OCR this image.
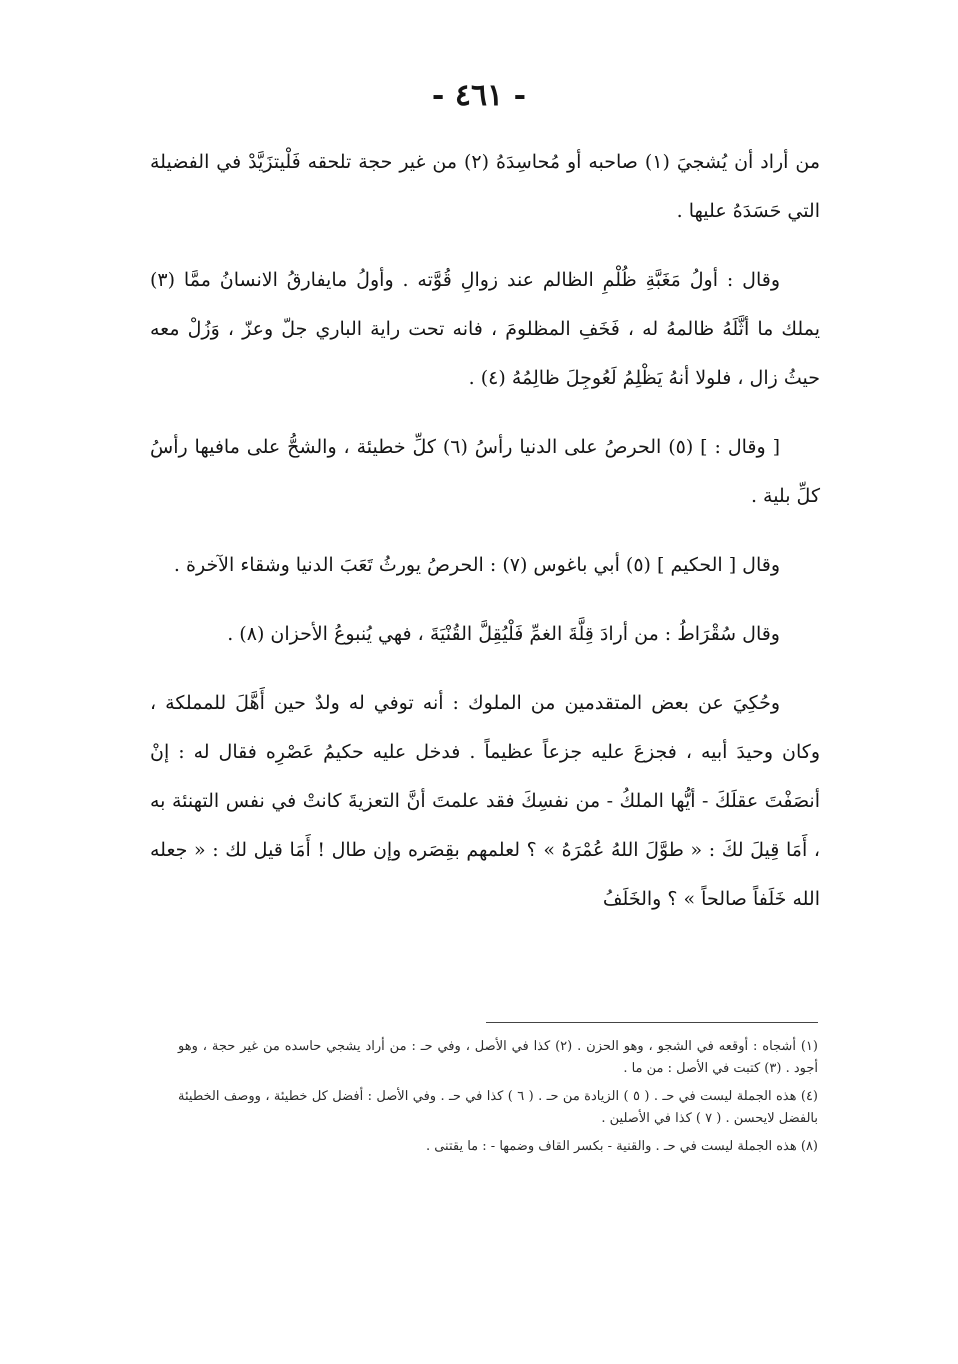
- ٤٦١ -

من أراد أن يُشجيَ (١) صاحبه أو مُحاسِدَهُ (٢) من غير حجة تلحقه فَلْيتزَيَّدْ في الفضيلة التي حَسَدَهُ عليها .

وقال : أولُ مَغَبَّةِ ظُلْمِ الظالم عند زوالِ قُوَّته . وأولُ مايفارقُ الانسانُ ممَّا (٣) يملك ما أثَّلَهُ ظالمهُ له ، فَخَفِ المظلومَ ، فانه تحت راية الباري جلّ وعزّ ، وَزُلْ معه حيثُ زال ، فلولا أنهُ يَظْلِمُ لَعُوجِلَ ظالِمُهُ (٤) .

[ وقال : ] (٥) الحرصُ على الدنيا رأسُ (٦) كلِّ خطيئة ، والشحُّ على مافيها رأسُ كلِّ بلية .

وقال [ الحكيم ] (٥) أبي باغوس (٧) : الحرصُ يورثُ تَعَبَ الدنيا وشقاء الآخرة .

وقال سُقْرَاطُ : من أرادَ قِلَّةَ الغمِّ فَلْيُقِلَّ القُنْيَةَ ، فهي يُنبوعُ الأحزان (٨) .

وحُكِيَ عن بعض المتقدمين من الملوك : أنه توفي له ولدٌ حين أَهَّلَ للمملكة ، وكان وحيدَ أبيه ، فجزعَ عليه جزعاً عظيماً . فدخل عليه حكيمُ عَصْرِه فقال له : إنْ أنصَفْتَ عقلَكَ - أيُّها الملكُ - من نفسِكَ فقد علمتَ أنَّ التعزيةَ كانتْ في نفس التهنئة به ، أَمَا قِيلَ لكَ : « طوَّلَ اللهُ عُمْرَهُ » ؟ لعلمهم بقِصَره وإن طال ! أَمَا قيل لك : « جعله الله خَلَفاً صالحاً » ؟ والخَلَفُ

(١) أشجاه : أوقعه في الشجو ، وهو الحزن . (٢) كذا في الأصل ، وفي حـ : من أراد يشجي حاسده من غير حجة ، وهو أجود . (٣) كتبت في الأصل : من ما .

(٤) هذه الجملة ليست في حـ . ( ٥ ) الزيادة من حـ . ( ٦ ) كذا في حـ . وفي الأصل : أفضل كل خطيئة ، ووصف الخطيئة بالفضل لايحسن . ( ٧ ) كذا في الأصلين .

(٨) هذه الجملة ليست في حـ . والقنية - بكسر القاف وضمها - : ما يقتنى .
